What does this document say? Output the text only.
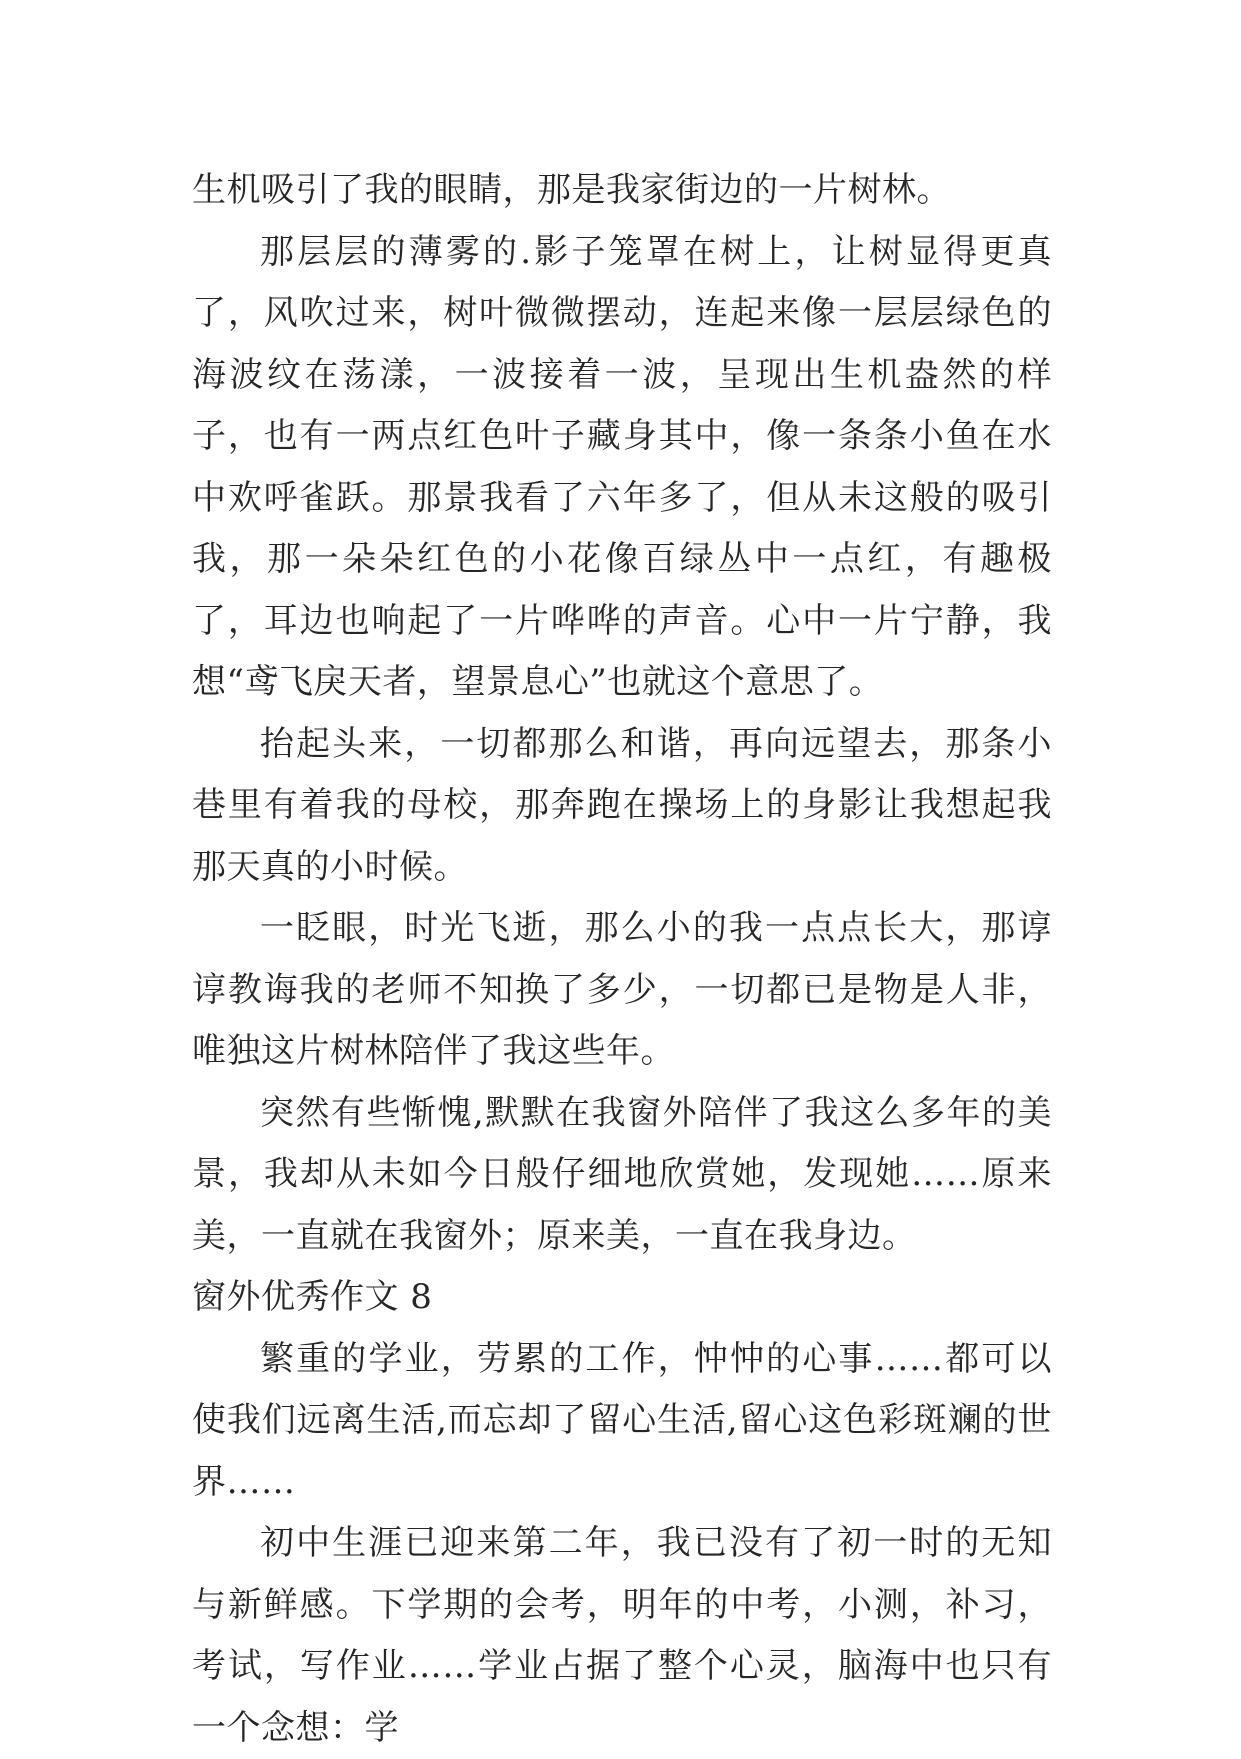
生机吸引了我的眼睛，那是我家街边的一片树林。

那层层的薄雾的.影子笼罩在树上，让树显得更真了，风吹过来，树叶微微摆动，连起来像一层层绿色的海波纹在荡漾，一波接着一波，呈现出生机盎然的样子，也有一两点红色叶子藏身其中，像一条条小鱼在水中欢呼雀跃。那景我看了六年多了，但从未这般的吸引我，那一朵朵红色的小花像百绿丛中一点红，有趣极了，耳边也响起了一片哗哗的声音。心中一片宁静，我想“鸢飞戾天者，望景息心”也就这个意思了。

抬起头来，一切都那么和谐，再向远望去，那条小巷里有着我的母校，那奔跑在操场上的身影让我想起我那天真的小时候。

一眨眼，时光飞逝，那么小的我一点点长大，那谆谆教诲我的老师不知换了多少，一切都已是物是人非，唯独这片树林陪伴了我这些年。

突然有些惭愧,默默在我窗外陪伴了我这么多年的美景，我却从未如今日般仔细地欣赏她，发现她……原来美，一直就在我窗外；原来美，一直在我身边。

窗外优秀作文 8

繁重的学业，劳累的工作，忡忡的心事……都可以使我们远离生活,而忘却了留心生活,留心这色彩斑斓的世界……

初中生涯已迎来第二年，我已没有了初一时的无知与新鲜感。下学期的会考，明年的中考，小测，补习，考试，写作业……学业占据了整个心灵，脑海中也只有一个念想：学
